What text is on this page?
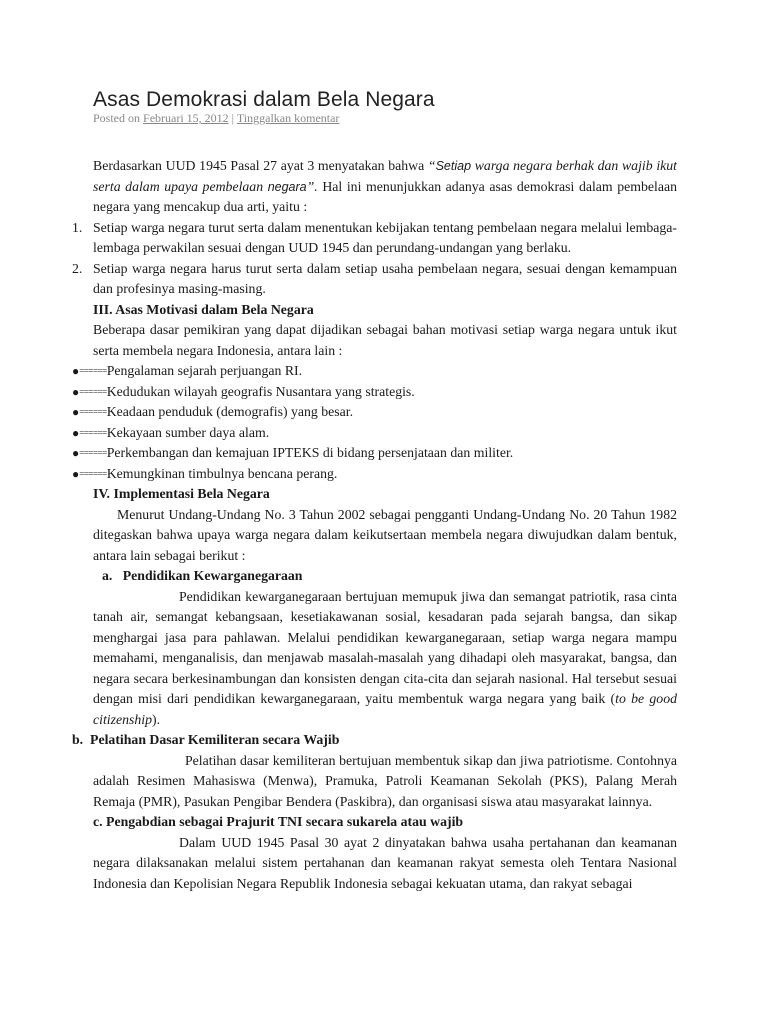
Asas Demokrasi dalam Bela Negara
Posted on Februari 15, 2012 | Tinggalkan komentar

Berdasarkan UUD 1945 Pasal 27 ayat 3 menyatakan bahwa “Setiap warga negara berhak dan wajib ikut serta dalam upaya pembelaan negara”. Hal ini menunjukkan adanya asas demokrasi dalam pembelaan negara yang mencakup dua arti, yaitu :

1. Setiap warga negara turut serta dalam menentukan kebijakan tentang pembelaan negara melalui lembaga-lembaga perwakilan sesuai dengan UUD 1945 dan perundang-undangan yang berlaku.
2. Setiap warga negara harus turut serta dalam setiap usaha pembelaan negara, sesuai dengan kemampuan dan profesinya masing-masing.
III. Asas Motivasi dalam Bela Negara

Beberapa dasar pemikiran yang dapat dijadikan sebagai bahan motivasi setiap warga negara untuk ikut serta membela negara Indonesia, antara lain :

●======Pengalaman sejarah perjuangan RI.
●======Kedudukan wilayah geografis Nusantara yang strategis.
●======Keadaan penduduk (demografis) yang besar.
●======Kekayaan sumber daya alam.
●======Perkembangan dan kemajuan IPTEKS di bidang persenjataan dan militer.
●======Kemungkinan timbulnya bencana perang.
IV. Implementasi Bela Negara

Menurut Undang-Undang No. 3 Tahun 2002 sebagai pengganti Undang-Undang No. 20 Tahun 1982 ditegaskan bahwa upaya warga negara dalam keikutsertaan membela negara diwujudkan dalam bentuk, antara lain sebagai berikut :

a. Pendidikan Kewarganegaraan

Pendidikan kewarganegaraan bertujuan memupuk jiwa dan semangat patriotik, rasa cinta tanah air, semangat kebangsaan, kesetiakawanan sosial, kesadaran pada sejarah bangsa, dan sikap menghargai jasa para pahlawan. Melalui pendidikan kewarganegaraan, setiap warga negara mampu memahami, menganalisis, dan menjawab masalah-masalah yang dihadapi oleh masyarakat, bangsa, dan negara secara berkesinambungan dan konsisten dengan cita-cita dan sejarah nasional. Hal tersebut sesuai dengan misi dari pendidikan kewarganegaraan, yaitu membentuk warga negara yang baik (to be good citizenship).

b. Pelatihan Dasar Kemiliteran secara Wajib

Pelatihan dasar kemiliteran bertujuan membentuk sikap dan jiwa patriotisme. Contohnya adalah Resimen Mahasiswa (Menwa), Pramuka, Patroli Keamanan Sekolah (PKS), Palang Merah Remaja (PMR), Pasukan Pengibar Bendera (Paskibra), dan organisasi siswa atau masyarakat lainnya.

c. Pengabdian sebagai Prajurit TNI secara sukarela atau wajib

Dalam UUD 1945 Pasal 30 ayat 2 dinyatakan bahwa usaha pertahanan dan keamanan negara dilaksanakan melalui sistem pertahanan dan keamanan rakyat semesta oleh Tentara Nasional Indonesia dan Kepolisian Negara Republik Indonesia sebagai kekuatan utama, dan rakyat sebagai
